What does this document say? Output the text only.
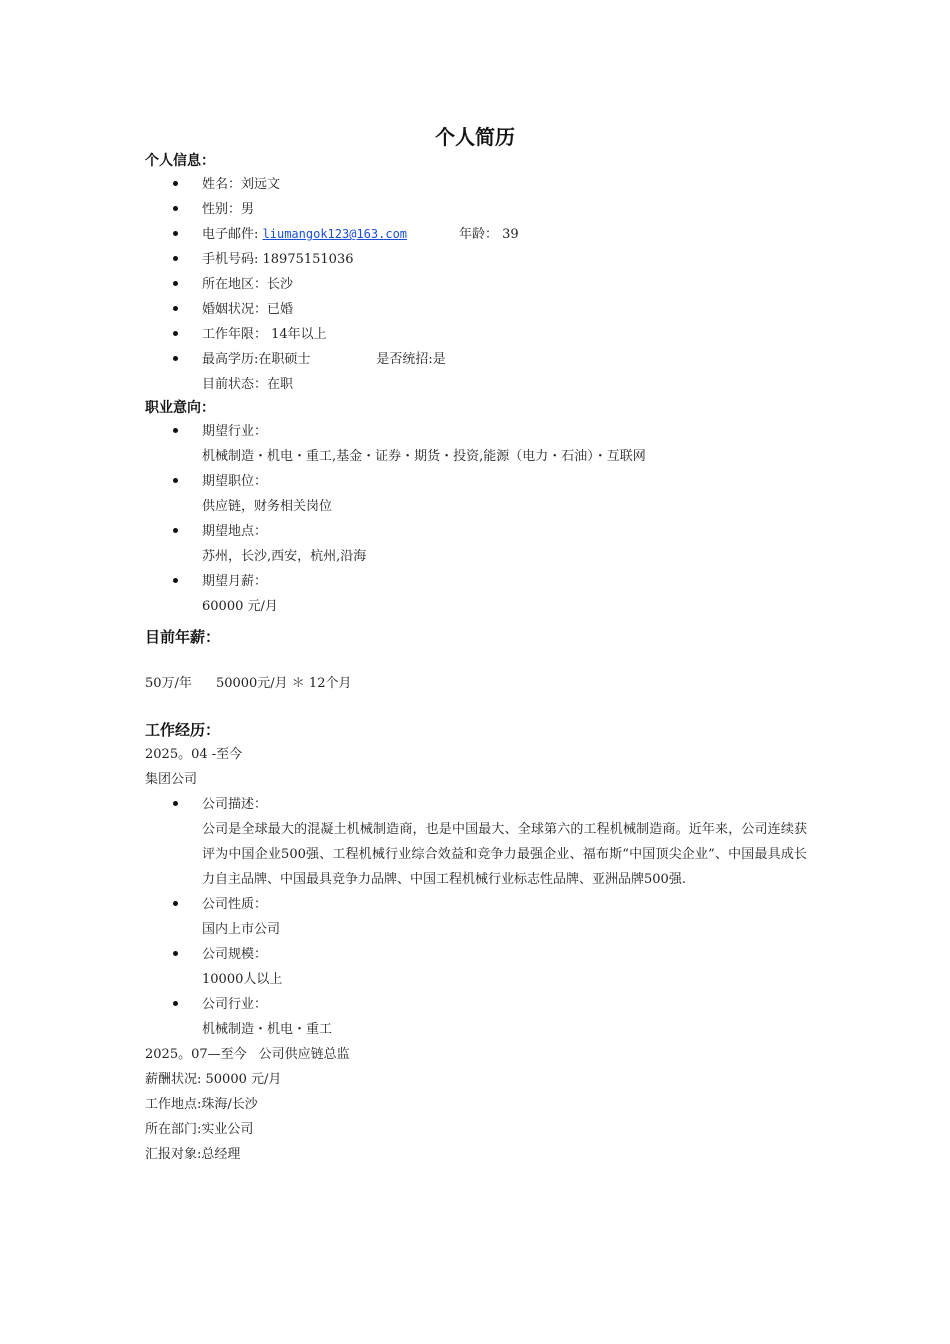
个人简历
个人信息：
姓名：刘远文
性别：男
电子邮件: liumangok123@163.com	年龄： 39
手机号码: 18975151036
所在地区：长沙
婚姻状况：已婚
工作年限： 14年以上
最高学历:在职硕士	是否统招:是
目前状态：在职
职业意向：
期望行业：
机械制造・机电・重工,基金・证券・期货・投资,能源（电力・石油）・互联网
期望职位：
供应链，财务相关岗位
期望地点：
苏州，长沙,西安，杭州,沿海
期望月薪：
60000 元/月
目前年薪：
50万/年 50000元/月 ＊ 12个月
工作经历：
2025。04 -至今
集团公司
公司描述：
公司是全球最大的混凝土机械制造商，也是中国最大、全球第六的工程机械制造商。近年来，公司连续获评为中国企业500强、工程机械行业综合效益和竞争力最强企业、福布斯“中国顶尖企业”、中国最具成长力自主品牌、中国最具竞争力品牌、中国工程机械行业标志性品牌、亚洲品牌500强.
公司性质：
国内上市公司
公司规模：
10000人以上
公司行业：
机械制造・机电・重工
2025。07—至今 公司供应链总监
薪酬状况: 50000 元/月
工作地点:珠海/长沙
所在部门:实业公司
汇报对象:总经理
